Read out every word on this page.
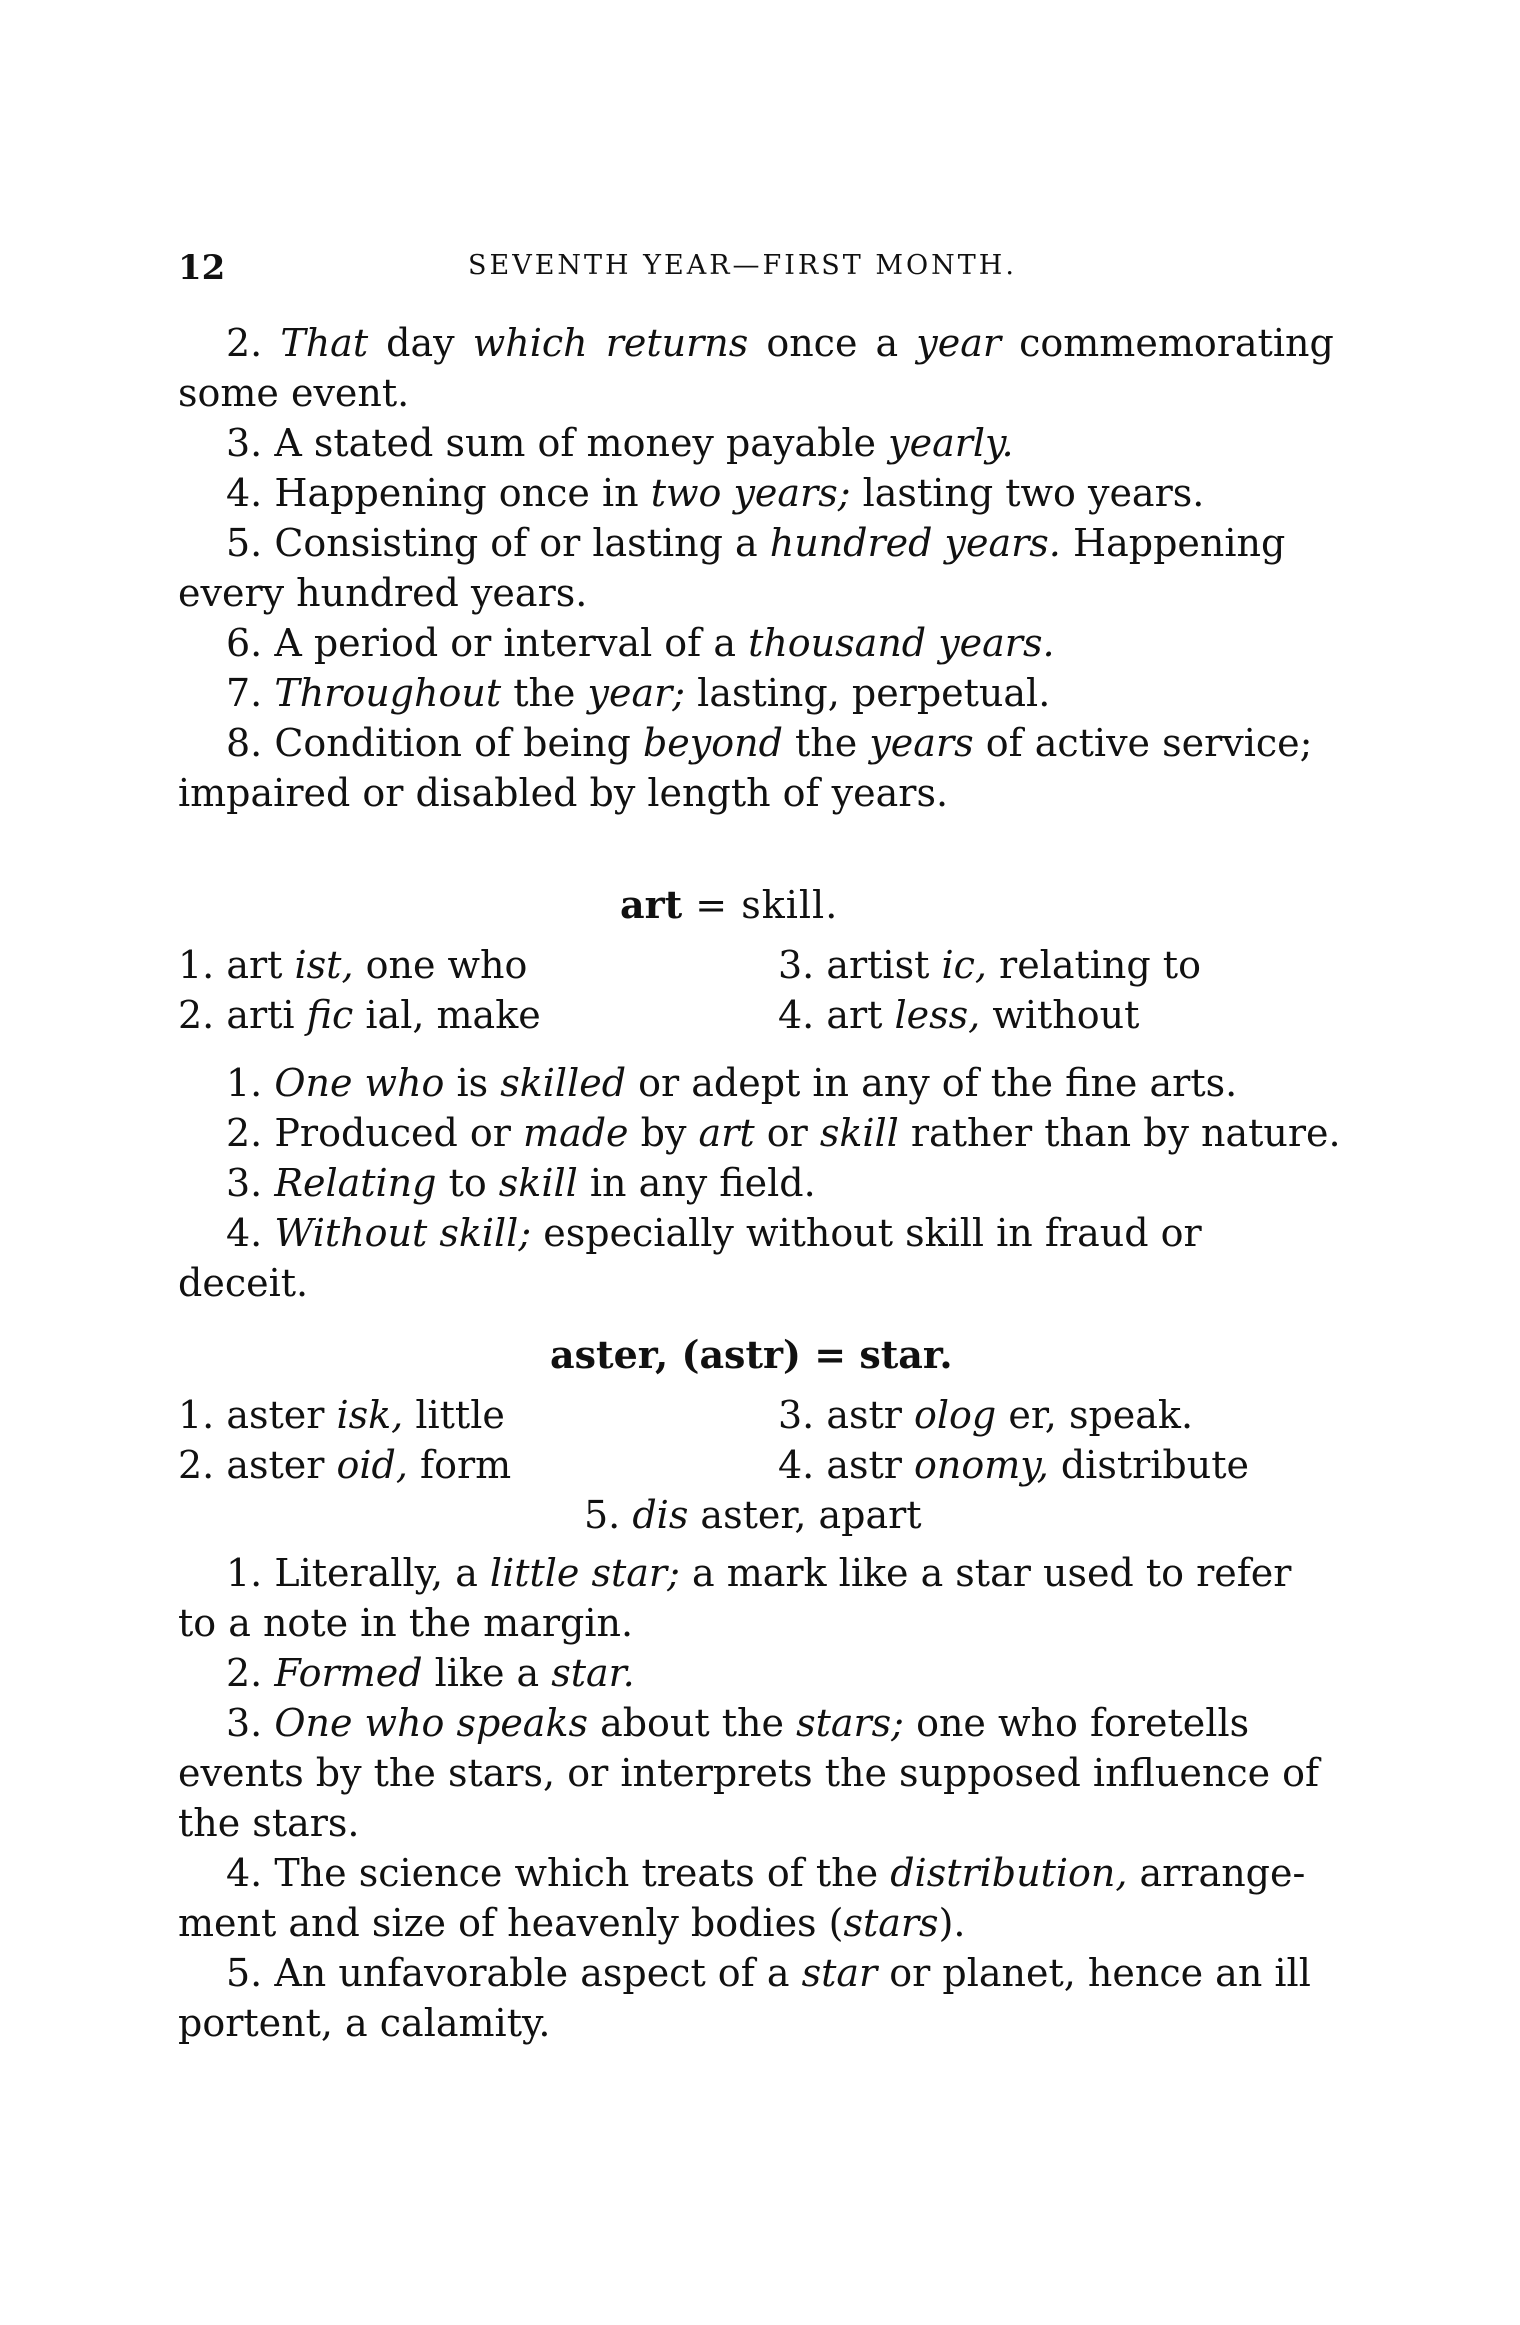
12	SEVENTH YEAR—FIRST MONTH.
2. That day which returns once a year commemorating
some event.
3. A stated sum of money payable yearly.
4. Happening once in two years; lasting two years.
5. Consisting of or lasting a hundred years. Happening
every hundred years.
6. A period or interval of a thousand years.
7. Throughout the year; lasting, perpetual.
8. Condition of being beyond the years of active service;
impaired or disabled by length of years.
art = skill.
1. art ist, one who
2. arti fic ial, make
3. artist ic, relating to
4. art less, without
1. One who is skilled or adept in any of the fine arts.
2. Produced or made by art or skill rather than by nature.
3. Relating to skill in any field.
4. Without skill; especially without skill in fraud or
deceit.
aster, (astr) = star.
1. aster isk, little
2. aster oid, form
3. astr olog er, speak.
4. astr onomy, distribute
5. dis aster, apart
1. Literally, a little star; a mark like a star used to refer
to a note in the margin.
2. Formed like a star.
3. One who speaks about the stars; one who foretells
events by the stars, or interprets the supposed influence of
the stars.
4. The science which treats of the distribution, arrange-
ment and size of heavenly bodies (stars).
5. An unfavorable aspect of a star or planet, hence an ill
portent, a calamity.
